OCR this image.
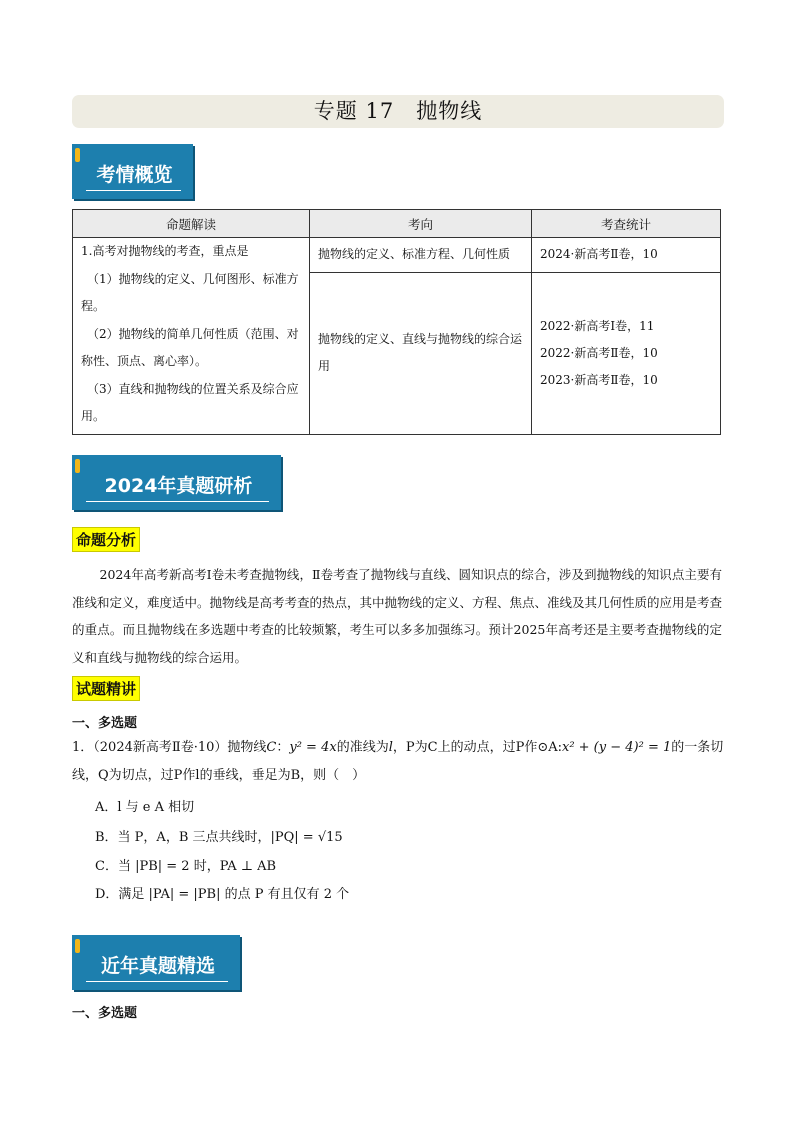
专题 17　抛物线
考情概览
命题解读	考向	考查统计

1.高考对抛物线的考查，重点是
（1）抛物线的定义、几何图形、标准方程。
（2）抛物线的简单几何性质（范围、对称性、顶点、离心率）。
（3）直线和抛物线的位置关系及综合应用。	抛物线的定义、标准方程、几何性质	2024·新高考Ⅱ卷，10
	抛物线的定义、直线与抛物线的综合运用	2022·新高考Ⅰ卷，11
2022·新高考Ⅱ卷，10
2023·新高考Ⅱ卷，10
2024年真题研析
命题分析

2024年高考新高考Ⅰ卷未考查抛物线，Ⅱ卷考查了抛物线与直线、圆知识点的综合，涉及到抛物线的知识点主要有准线和定义，难度适中。抛物线是高考考查的热点，其中抛物线的定义、方程、焦点、准线及其几何性质的应用是考查的重点。而且抛物线在多选题中考查的比较频繁，考生可以多多加强练习。预计2025年高考还是主要考查抛物线的定义和直线与抛物线的综合运用。

试题精讲
一、多选题
1．（2024新高考Ⅱ卷·10）抛物线C：y² = 4x的准线为l，P为C上的动点，过P作⊙A:x² + (y − 4)² = 1的一条切线，Q为切点，过P作l的垂线，垂足为B，则（　）
A．l 与 e A 相切
B．当 P，A，B 三点共线时，|PQ| = √15
C．当 |PB| = 2 时，PA ⊥ AB
D．满足 |PA| = |PB| 的点 P 有且仅有 2 个
近年真题精选
一、多选题
